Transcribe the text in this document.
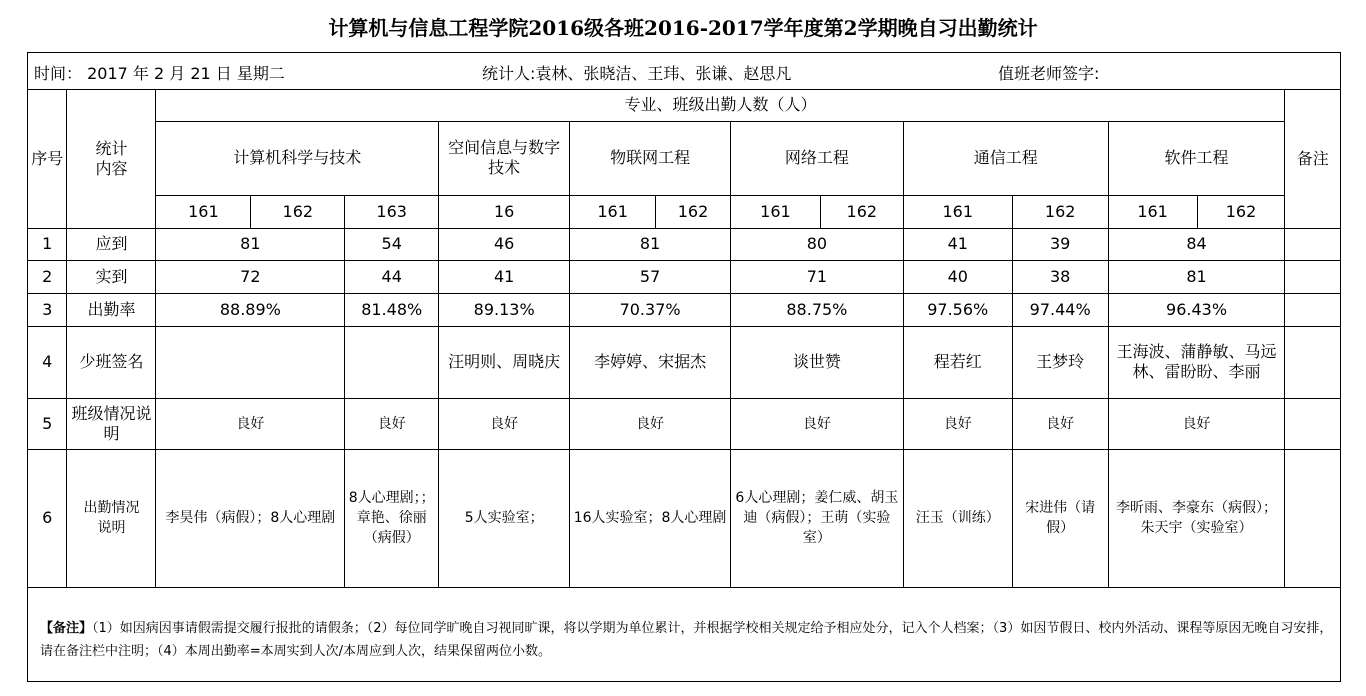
计算机与信息工程学院2016级各班2016-2017学年度第2学期晚自习出勤统计
时间： 2017 年 2 月 21 日 星期二	统计人:袁林、张晓洁、王玮、张谦、赵思凡	值班老师签字:
序号	统计内容	专业、班级出勤人数（人）												备注
		计算机科学与技术			空间信息与数字技术	物联网工程		网络工程		通信工程		软件工程		
		161	162	163	16	161	162	161	162	161	162	161	162	
1	应到	81		54	46	81		80		41	39	84		
2	实到	72		44	41	57		71		40	38	81		
3	出勤率	88.89%		81.48%	89.13%	70.37%		88.75%		97.56%	97.44%	96.43%		
4	少班签名				汪明则、周晓庆	李婷婷、宋据杰		谈世赞		程若红	王梦玲	王海波、蒲静敏、马远林、雷盼盼、李丽		
5	班级情况说明	良好		良好	良好	良好		良好		良好	良好	良好		
6	出勤情况说明	李昊伟（病假）；8人心理剧		8人心理剧；；章艳、徐丽（病假）	5人实验室；	16人实验室；8人心理剧		6人心理剧；姜仁威、胡玉迪（病假）；王萌（实验室）		汪玉（训练）	宋进伟（请假）	李昕雨、李豪东（病假）；朱天宇（实验室）		
【备注】（1）如因病因事请假需提交履行报批的请假条；（2）每位同学旷晚自习视同旷课，将以学期为单位累计，并根据学校相关规定给予相应处分，记入个人档案；（3）如因节假日、校内外活动、课程等原因无晚自习安排，请在备注栏中注明；（4）本周出勤率=本周实到人次/本周应到人次，结果保留两位小数。
